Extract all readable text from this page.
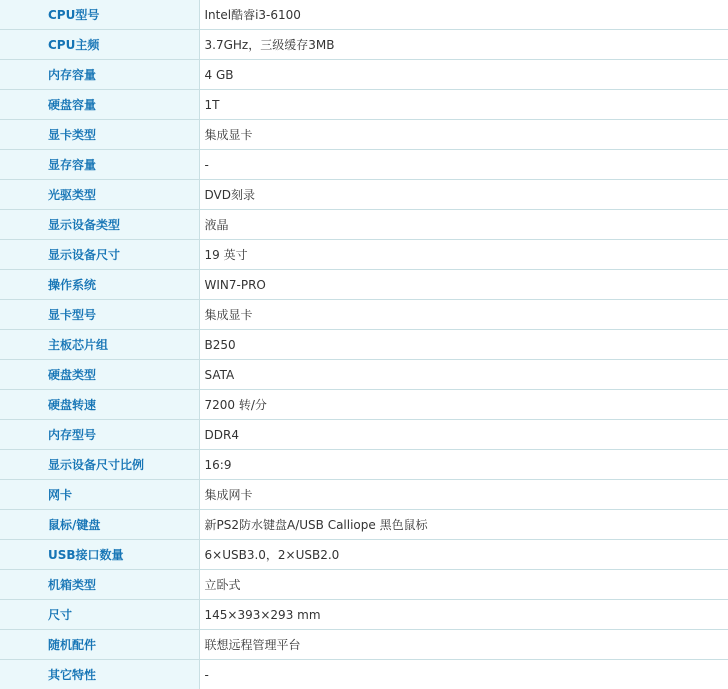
CPU型号	Intel酷睿i3-6100
CPU主频	3.7GHz，三级缓存3MB
内存容量	4 GB
硬盘容量	1T
显卡类型	集成显卡
显存容量	-
光驱类型	DVD刻录
显示设备类型	液晶
显示设备尺寸	19 英寸
操作系统	WIN7-PRO
显卡型号	集成显卡
主板芯片组	B250
硬盘类型	SATA
硬盘转速	7200 转/分
内存型号	DDR4
显示设备尺寸比例	16:9
网卡	集成网卡
鼠标/键盘	新PS2防水键盘A/USB Calliope 黑色鼠标
USB接口数量	6×USB3.0，2×USB2.0
机箱类型	立卧式
尺寸	145×393×293 mm
随机配件	联想远程管理平台
其它特性	-
